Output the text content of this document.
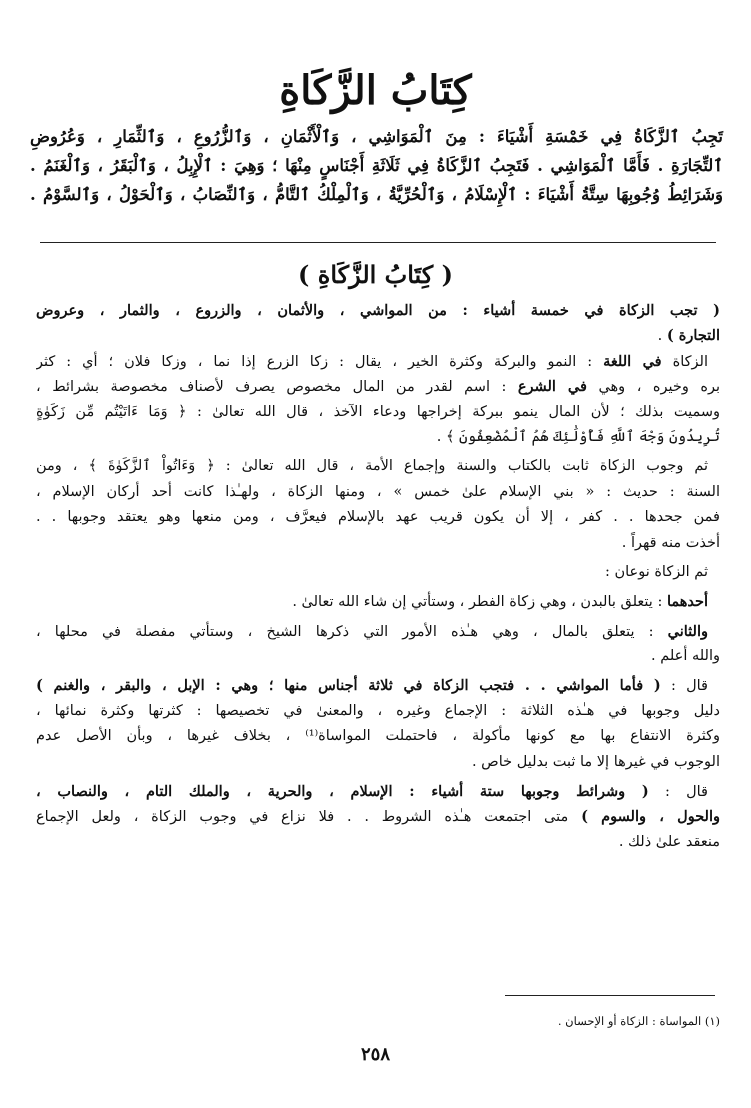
كِتَابُ الزَّكَاةِ
تَجِبُ ٱلزَّكَاةُ فِي خَمْسَةِ أَشْيَاءَ : مِنَ ٱلْمَوَاشِي ، وَٱلْأَثْمَانِ ، وَٱلزُّرُوعِ ، وَٱلثِّمَارِ ، وَعُرُوضِ
ٱلتِّجَارَةِ . فَأَمَّا ٱلْمَوَاشِي . فَتَجِبُ ٱلزَّكَاةُ فِي ثَلَاثَةِ أَجْنَاسٍ مِنْهَا ؛ وَهِيَ : ٱلْإِبِلُ ، وَٱلْبَقَرُ ، وَٱلْغَنَمُ .
وَشَرَائِطُ وُجُوبِهَا سِتَّةُ أَشْيَاءَ : ٱلْإِسْلَامُ ، وَٱلْحُرِّيَّةُ ، وَٱلْمِلْكُ ٱلتَّامُّ ، وَٱلنِّصَابُ ، وَٱلْحَوْلُ ، وَٱلسَّوْمُ .
( كِتَابُ الزَّكَاةِ )
( تجب الزكاة في خمسة أشياء : من المواشي ، والأثمان ، والزروع ، والثمار ، وعروض
التجارة ) .
الزكاة في اللغة : النمو والبركة وكثرة الخير ، يقال : زكا الزرع إذا نما ، وزكا فلان ؛ أي : كثر
بره وخيره ، وهي في الشرع : اسم لقدر من المال مخصوص يصرف لأصناف مخصوصة بشرائط ،
وسميت بذلك ؛ لأن المال ينمو ببركة إخراجها ودعاء الآخذ ، قال الله تعالىٰ : ﴿ وَمَا ءَاتَيْتُم مِّن زَكَوٰةٍ
تُرِيدُونَ وَجْهَ ٱللَّهِ فَأُوْلَٰٓئِكَ هُمُ ٱلْمُضْعِفُونَ ﴾ .
ثم وجوب الزكاة ثابت بالكتاب والسنة وإجماع الأمة ، قال الله تعالىٰ : ﴿ وَءَاتُواْ ٱلزَّكَوٰةَ ﴾ ، ومن
السنة : حديث : « بني الإسلام علىٰ خمس » ، ومنها الزكاة ، ولهـٰذا كانت أحد أركان الإسلام ،
فمن جحدها . . كفر ، إلا أن يكون قريب عهد بالإسلام فيعرَّف ، ومن منعها وهو يعتقد وجوبها . .
أخذت منه قهراً .
ثم الزكاة نوعان :
أحدهما : يتعلق بالبدن ، وهي زكاة الفطر ، وستأتي إن شاء الله تعالىٰ .
والثاني : يتعلق بالمال ، وهي هـٰذه الأمور التي ذكرها الشيخ ، وستأتي مفصلة في محلها ،
والله أعلم .
قال : ( فأما المواشي . . فتجب الزكاة في ثلاثة أجناس منها ؛ وهي : الإبل ، والبقر ، والغنم )
دليل وجوبها في هـٰذه الثلاثة : الإجماع وغيره ، والمعنىٰ في تخصيصها : كثرتها وكثرة نمائها ،
وكثرة الانتفاع بها مع كونها مأكولة ، فاحتملت المواساة⁽¹⁾ ، بخلاف غيرها ، وبأن الأصل عدم
الوجوب في غيرها إلا ما ثبت بدليل خاص .
قال : ( وشرائط وجوبها ستة أشياء : الإسلام ، والحرية ، والملك التام ، والنصاب ،
والحول ، والسوم ) متى اجتمعت هـٰذه الشروط . . فلا نزاع في وجوب الزكاة ، ولعل الإجماع
منعقد علىٰ ذلك .
(١) المواساة : الزكاة أو الإحسان .
٢٥٨
